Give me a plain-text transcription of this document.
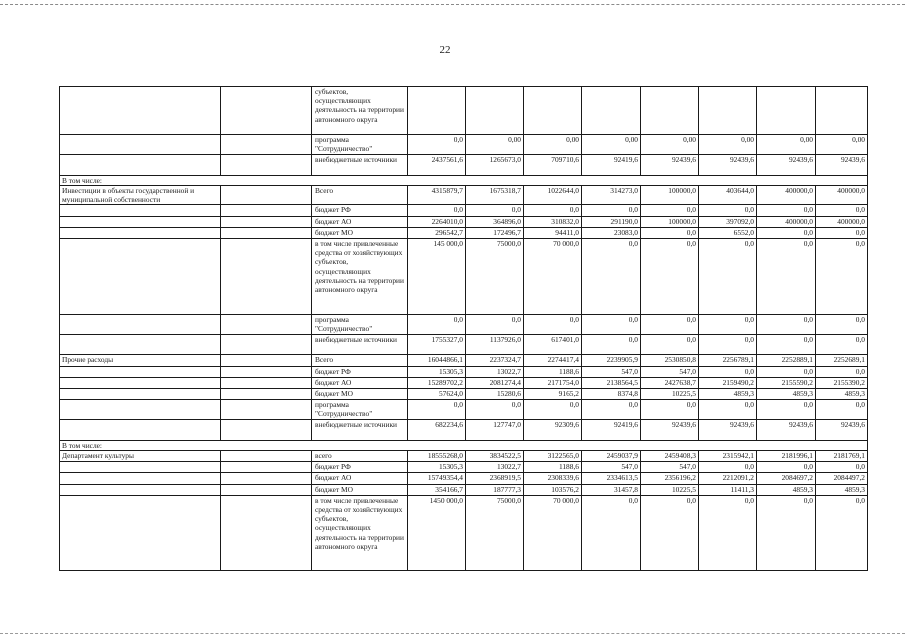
22
		субъектов, осуществляющих деятельность на территории автономного округа								
		программа "Сотрудничество"	0,0	0,00	0,00	0,00	0,00	0,00	0,00	0,00
		внебюджетные источники	2437561,6	1265673,0	709710,6	92419,6	92439,6	92439,6	92439,6	92439,6
В том числе:										
Инвестиции в объекты государственной и муниципальной собственности		Всего	4315879,7	1675318,7	1022644,0	314273,0	100000,0	403644,0	400000,0	400000,0
		бюджет РФ	0,0	0,0	0,0	0,0	0,0	0,0	0,0	0,0
		бюджет АО	2264010,0	364896,0	310832,0	291190,0	100000,0	397092,0	400000,0	400000,0
		бюджет МО	296542,7	172496,7	94411,0	23083,0	0,0	6552,0	0,0	0,0
		в том числе привлеченные средства от хозяйствующих субъектов, осуществляющих деятельность на территории автономного округа	145 000,0	75000,0	70 000,0	0,0	0,0	0,0	0,0	0,0
		программа "Сотрудничество"	0,0	0,0	0,0	0,0	0,0	0,0	0,0	0,0
		внебюджетные источники	1755327,0	1137926,0	617401,0	0,0	0,0	0,0	0,0	0,0
Прочие расходы		Всего	16044866,1	2237324,7	2274417,4	2239905,9	2530850,8	2256789,1	2252889,1	2252689,1
		бюджет РФ	15305,3	13022,7	1188,6	547,0	547,0	0,0	0,0	0,0
		бюджет АО	15289702,2	2081274,4	2171754,0	2138564,5	2427638,7	2159490,2	2155590,2	2155390,2
		бюджет МО	57624,0	15280,6	9165,2	8374,8	10225,5	4859,3	4859,3	4859,3
		программа "Сотрудничество"	0,0	0,0	0,0	0,0	0,0	0,0	0,0	0,0
		внебюджетные источники	682234,6	127747,0	92309,6	92419,6	92439,6	92439,6	92439,6	92439,6
В том числе:										
Департамент культуры		всего	18555268,0	3834522,5	3122565,0	2459037,9	2459408,3	2315942,1	2181996,1	2181769,1
		бюджет РФ	15305,3	13022,7	1188,6	547,0	547,0	0,0	0,0	0,0
		бюджет АО	15749354,4	2368919,5	2308339,6	2334613,5	2356196,2	2212091,2	2084697,2	2084497,2
		бюджет МО	354166,7	187777,3	103576,2	31457,8	10225,5	11411,3	4859,3	4859,3
		в том числе привлеченные средства от хозяйствующих субъектов, осуществляющих деятельность на территории автономного округа	1450 000,0	75000,0	70 000,0	0,0	0,0	0,0	0,0	0,0
